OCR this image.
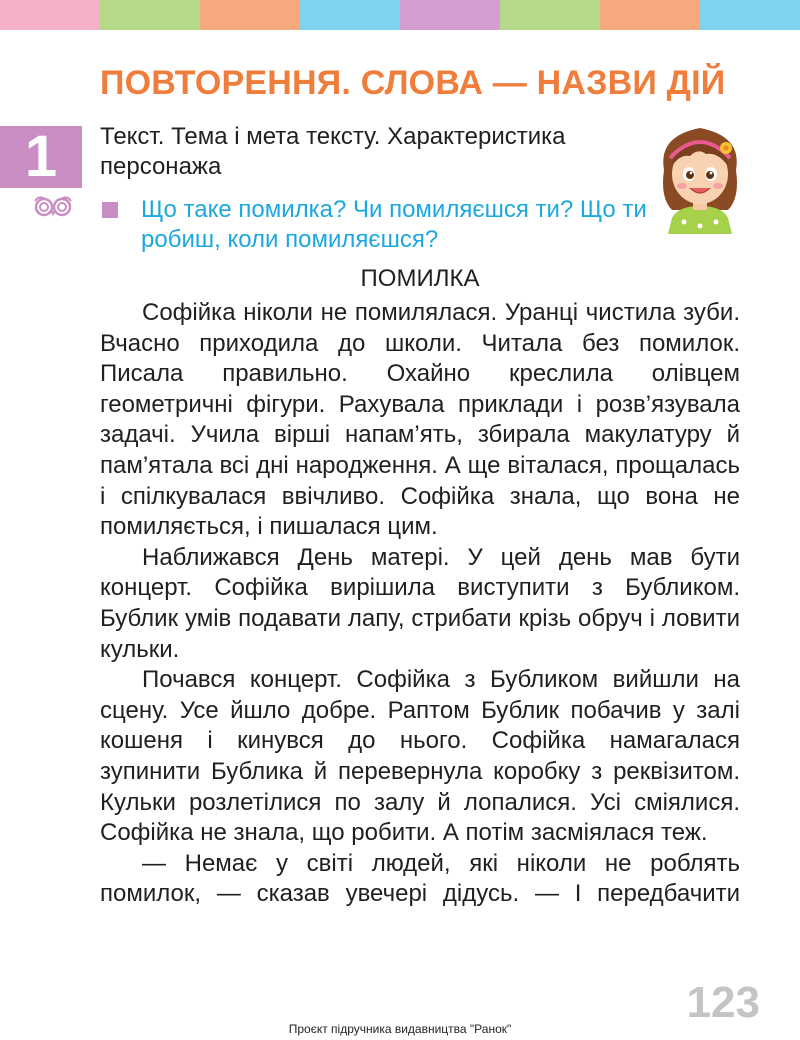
ПОВТОРЕННЯ. СЛОВА — НАЗВИ ДІЙ
1	Текст. Тема і мета тексту. Характеристика персонажа
Що таке помилка? Чи помиляєшся ти? Що ти робиш, коли помиляєшся?
ПОМИЛКА

Софійка ніколи не помилялася. Уранці чистила зуби. Вчасно приходила до школи. Читала без помилок. Писала правильно. Охайно креслила олівцем геометричні фігури. Рахувала приклади і розв’язувала задачі. Учила вірші напам’ять, збирала макулатуру й пам’ятала всі дні народження. А ще віталася, прощалась і спілкувалася ввічливо. Софійка знала, що вона не помиляється, і пишалася цим.

Наближався День матері. У цей день мав бути концерт. Софійка вирішила виступити з Бубликом. Бублик умів подавати лапу, стрибати крізь обруч і ловити кульки.

Почався концерт. Софійка з Бубликом вийшли на сцену. Усе йшло добре. Раптом Бублик побачив у залі кошеня і кинувся до нього. Софійка намагалася зупинити Бублика й перевернула коробку з реквізитом. Кульки розлетілися по залу й лопалися. Усі сміялися. Софійка не знала, що робити. А потім засміялася теж.

— Немає у світі людей, які ніколи не роблять помилок, — сказав увечері дідусь. — І передбачити

123
Проєкт підручника видавництва "Ранок"
